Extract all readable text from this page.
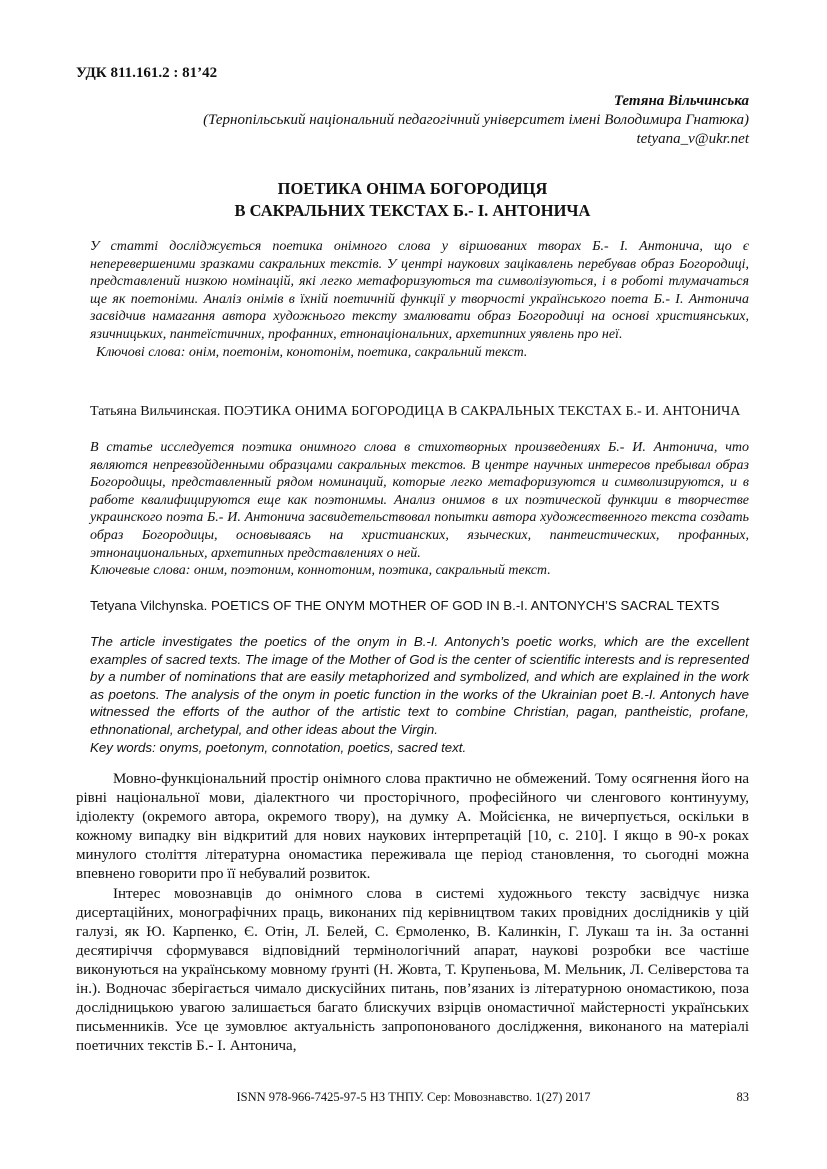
УДК 811.161.2 : 81’42
Тетяна Вільчинська
(Тернопільський національний педагогічний університет імені Володимира Гнатюка)
tetyana_v@ukr.net
ПОЕТИКА ОНІМА БОГОРОДИЦЯ
В САКРАЛЬНИХ ТЕКСТАХ Б.- І. АНТОНИЧА

У статті досліджується поетика онімного слова у віршованих творах Б.- І. Антонича, що є неперевершеними зразками сакральних текстів. У центрі наукових зацікавлень перебував образ Богородиці, представлений низкою номінацій, які легко метафоризуються та символізуються, і в роботі тлумачаться ще як поетоніми. Аналіз онімів в їхній поетичній функції у творчості українського поета Б.- І. Антонича засвідчив намагання автора художнього тексту змалювати образ Богородиці на основі християнських, язичницьких, пантеїстичних, профанних, етнонаціональних, архетипних уявлень про неї.

Ключові слова: онім, поетонім, конотонім, поетика, сакральний текст.

Татьяна Вильчинская. ПОЭТИКА ОНИМА БОГОРОДИЦА В САКРАЛЬНЫХ ТЕКСТАХ Б.- И. АНТОНИЧА

В статье исследуется поэтика онимного слова в стихотворных произведениях Б.- И. Антонича, что являются непревзойденными образцами сакральных текстов. В центре научных интересов пребывал образ Богородицы, представленный рядом номинаций, которые легко метафоризуются и символизируются, и в работе квалифицируются еще как поэтонимы. Анализ онимов в их поэтической функции в творчестве украинского поэта Б.- И. Антонича засвидетельствовал попытки автора художественного текста создать образ Богородицы, основываясь на христианских, языческих, пантеистических, профанных, этнонациональных, архетипных представлениях о ней.

Ключевые слова: оним, поэтоним, коннотоним, поэтика, сакральный текст.

Tetyana Vilchynska. POETICS OF THE ONYM MOTHER OF GOD IN B.-I. ANTONYCH’S SACRAL TEXTS

The article investigates the poetics of the onym in B.-I. Antonych’s poetic works, which are the excellent examples of sacred texts. The image of the Mother of God is the center of scientific interests and is represented by a number of nominations that are easily metaphorized and symbolized, and which are explained in the work as poetons. The analysis of the onym in poetic function in the works of the Ukrainian poet B.-I. Antonych have witnessed the efforts of the author of the artistic text to combine Christian, pagan, pantheistic, profane, ethnonational, archetypal, and other ideas about the Virgin.

Key words: onyms, poetonym, connotation, poetics, sacred text.

Мовно-функціональний простір онімного слова практично не обмежений. Тому осягнення його на рівні національної мови, діалектного чи просторічного, професійного чи сленгового континууму, ідіолекту (окремого автора, окремого твору), на думку А. Мойсієнка, не вичерпується, оскільки в кожному випадку він відкритий для нових наукових інтерпретацій [10, с. 210]. І якщо в 90-х роках минулого століття літературна ономастика переживала ще період становлення, то сьогодні можна впевнено говорити про її небувалий розвиток.

Інтерес мовознавців до онімного слова в системі художнього тексту засвідчує низка дисертаційних, монографічних праць, виконаних під керівництвом таких провідних дослідників у цій галузі, як Ю. Карпенко, Є. Отін, Л. Белей, С. Єрмоленко, В. Калинкін, Г. Лукаш та ін. За останні десятиріччя сформувався відповідний термінологічний апарат, наукові розробки все частіше виконуються на українському мовному ґрунті (Н. Жовта, Т. Крупеньова, М. Мельник, Л. Селіверстова та ін.). Водночас зберігається чимало дискусійних питань, пов’язаних із літературною ономастикою, поза дослідницькою увагою залишається багато блискучих взірців ономастичної майстерності українських письменників. Усе це зумовлює актуальність запропонованого дослідження, виконаного на матеріалі поетичних текстів Б.- І. Антонича,

ISNN 978-966-7425-97-5 НЗ ТНПУ. Сер: Мовознавство. 1(27) 2017	83
